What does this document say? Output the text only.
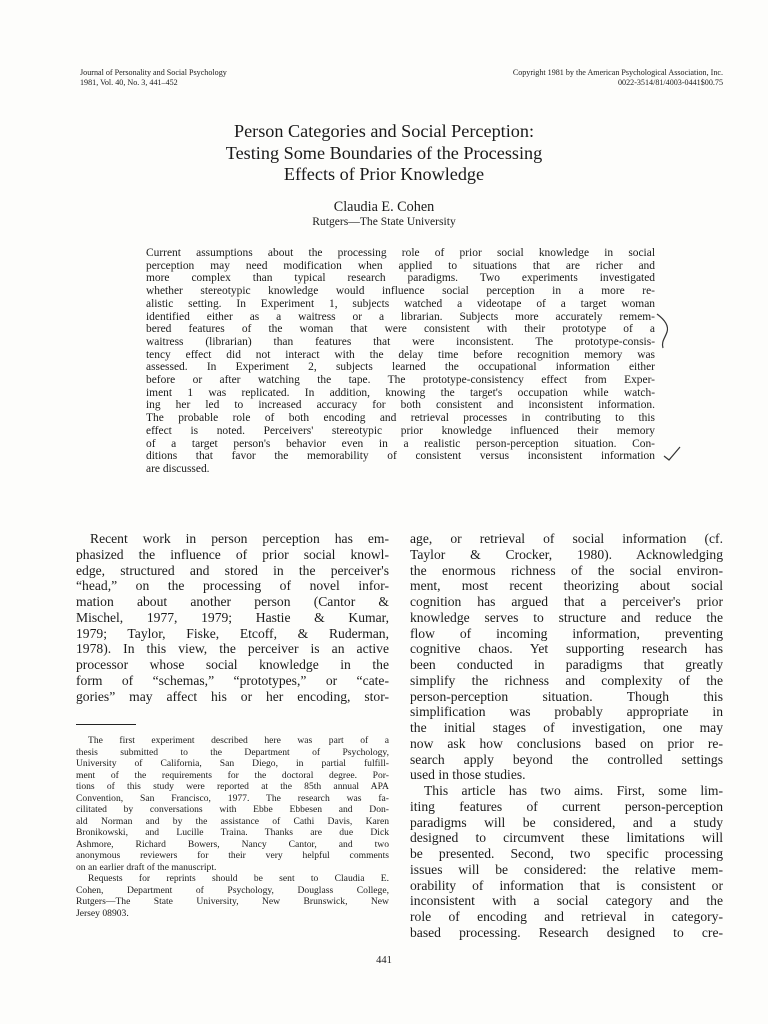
Journal of Personality and Social Psychology
1981, Vol. 40, No. 3, 441–452
Copyright 1981 by the American Psychological Association, Inc.
0022-3514/81/4003-0441$00.75
Person Categories and Social Perception:
Testing Some Boundaries of the Processing
Effects of Prior Knowledge
Claudia E. Cohen
Rutgers—The State University
Current assumptions about the processing role of prior social knowledge in social
perception may need modification when applied to situations that are richer and
more complex than typical research paradigms. Two experiments investigated
whether stereotypic knowledge would influence social perception in a more re-
alistic setting. In Experiment 1, subjects watched a videotape of a target woman
identified either as a waitress or a librarian. Subjects more accurately remem-
bered features of the woman that were consistent with their prototype of a
waitress (librarian) than features that were inconsistent. The prototype-consis-
tency effect did not interact with the delay time before recognition memory was
assessed. In Experiment 2, subjects learned the occupational information either
before or after watching the tape. The prototype-consistency effect from Exper-
iment 1 was replicated. In addition, knowing the target's occupation while watch-
ing her led to increased accuracy for both consistent and inconsistent information.
The probable role of both encoding and retrieval processes in contributing to this
effect is noted. Perceivers' stereotypic prior knowledge influenced their memory
of a target person's behavior even in a realistic person-perception situation. Con-
ditions that favor the memorability of consistent versus inconsistent information
are discussed.
Recent work in person perception has em-
phasized the influence of prior social knowl-
edge, structured and stored in the perceiver's
“head,” on the processing of novel infor-
mation about another person (Cantor &
Mischel, 1977, 1979; Hastie & Kumar,
1979; Taylor, Fiske, Etcoff, & Ruderman,
1978). In this view, the perceiver is an active
processor whose social knowledge in the
form of “schemas,” “prototypes,” or “cate-
gories” may affect his or her encoding, stor-
The first experiment described here was part of a
thesis submitted to the Department of Psychology,
University of California, San Diego, in partial fulfill-
ment of the requirements for the doctoral degree. Por-
tions of this study were reported at the 85th annual APA
Convention, San Francisco, 1977. The research was fa-
cilitated by conversations with Ebbe Ebbesen and Don-
ald Norman and by the assistance of Cathi Davis, Karen
Bronikowski, and Lucille Traina. Thanks are due Dick
Ashmore, Richard Bowers, Nancy Cantor, and two
anonymous reviewers for their very helpful comments
on an earlier draft of the manuscript.
Requests for reprints should be sent to Claudia E.
Cohen, Department of Psychology, Douglass College,
Rutgers—The State University, New Brunswick, New
Jersey 08903.
age, or retrieval of social information (cf.
Taylor & Crocker, 1980). Acknowledging
the enormous richness of the social environ-
ment, most recent theorizing about social
cognition has argued that a perceiver's prior
knowledge serves to structure and reduce the
flow of incoming information, preventing
cognitive chaos. Yet supporting research has
been conducted in paradigms that greatly
simplify the richness and complexity of the
person-perception situation. Though this
simplification was probably appropriate in
the initial stages of investigation, one may
now ask how conclusions based on prior re-
search apply beyond the controlled settings
used in those studies.
This article has two aims. First, some lim-
iting features of current person-perception
paradigms will be considered, and a study
designed to circumvent these limitations will
be presented. Second, two specific processing
issues will be considered: the relative mem-
orability of information that is consistent or
inconsistent with a social category and the
role of encoding and retrieval in category-
based processing. Research designed to cre-
441
